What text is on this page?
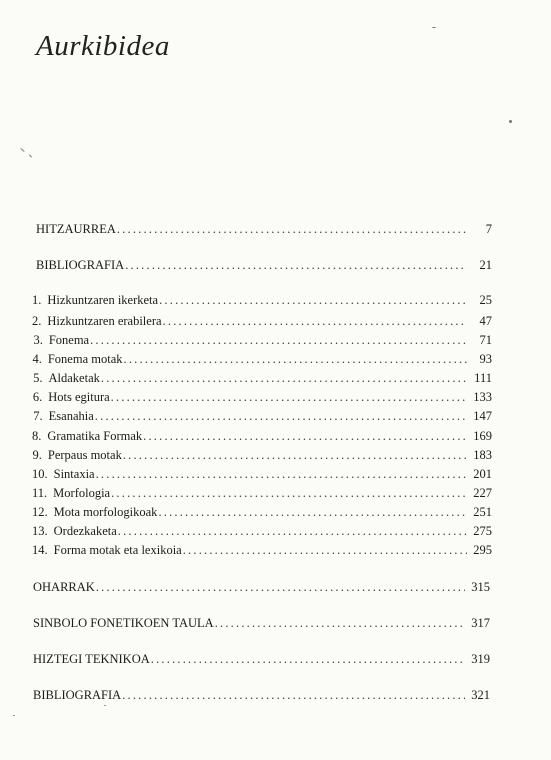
Aurkibidea
HITZAURREA .....	7
BIBLIOGRAFIA .....	21
1. Hizkuntzaren ikerketa .....	25
2. Hizkuntzaren erabilera .....	47
3. Fonema .....	71
4. Fonema motak .....	93
5. Aldaketak .....	111
6. Hots egitura .....	133
7. Esanahia .....	147
8. Gramatika Formak .....	169
9. Perpaus motak .....	183
10. Sintaxia .....	201
11. Morfologia .....	227
12. Mota morfologikoak .....	251
13. Ordezkaketa .....	275
14. Forma motak eta lexikoia .....	295
OHARRAK .....	315
SINBOLO FONETIKOEN TAULA .....	317
HIZTEGI TEKNIKOA .....	319
BIBLIOGRAFIA .....	321
